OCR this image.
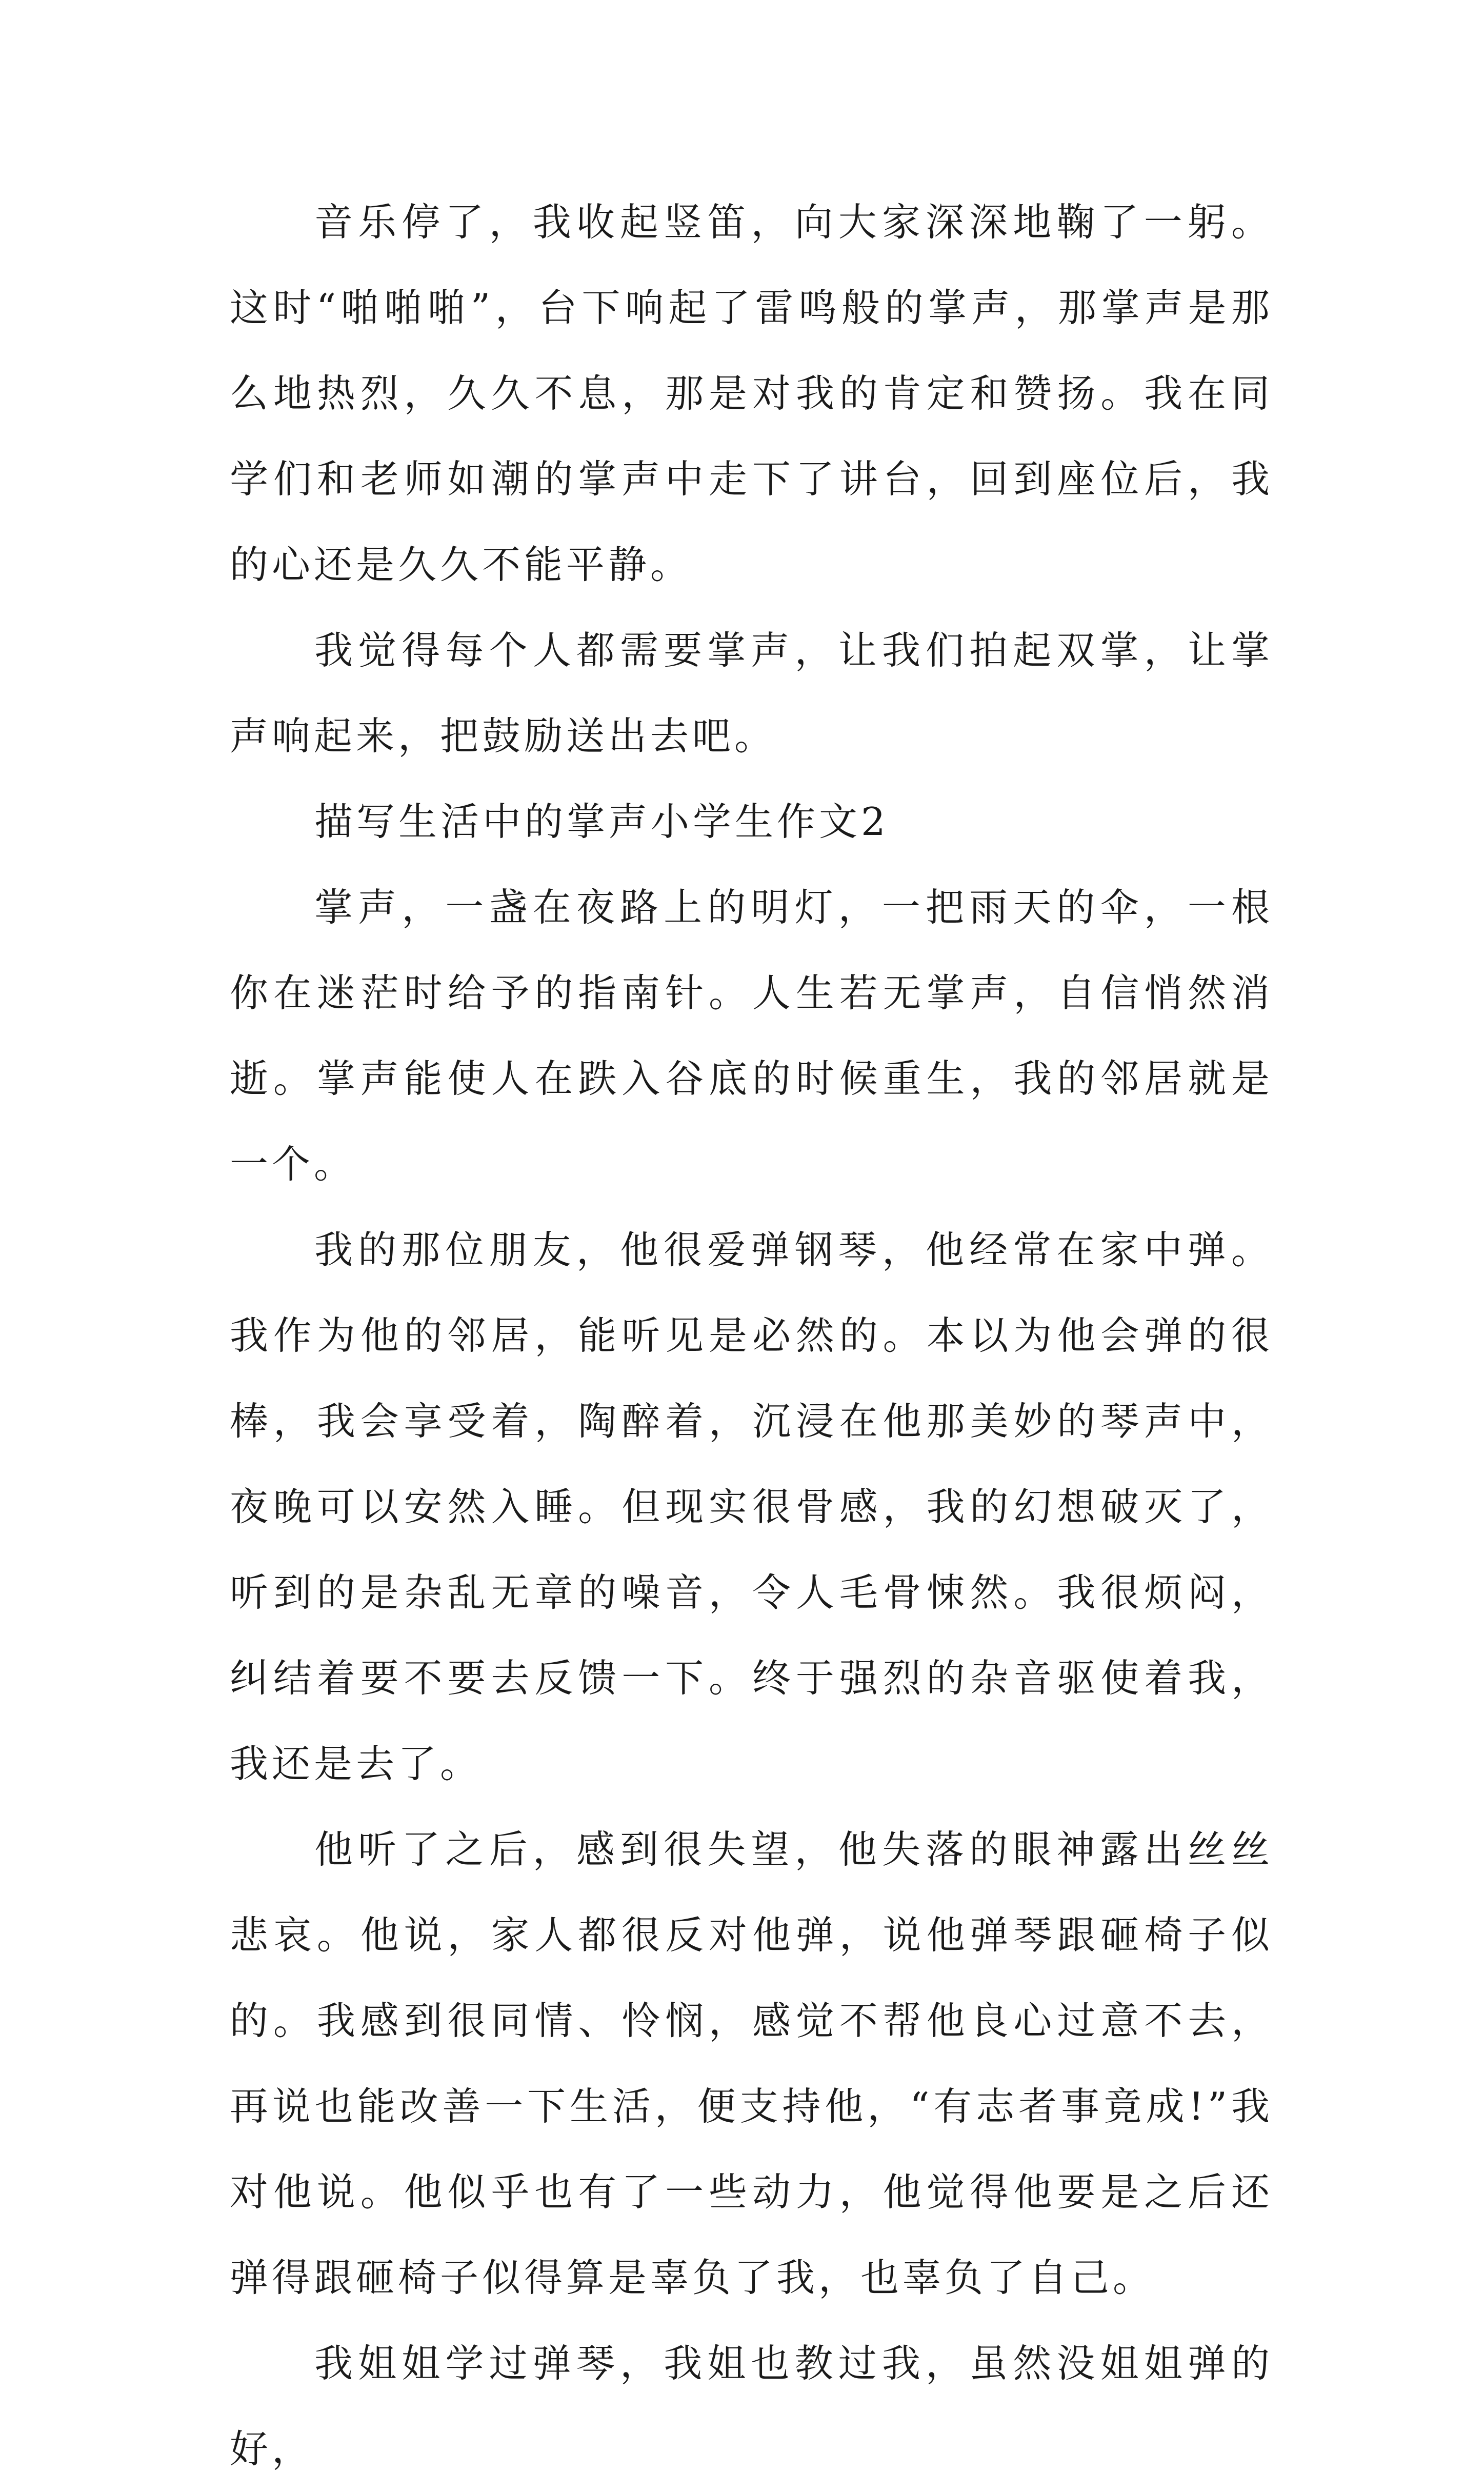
音乐停了，我收起竖笛，向大家深深地鞠了一躬。这时“啪啪啪”，台下响起了雷鸣般的掌声，那掌声是那么地热烈，久久不息，那是对我的肯定和赞扬。我在同学们和老师如潮的掌声中走下了讲台，回到座位后，我的心还是久久不能平静。

我觉得每个人都需要掌声，让我们拍起双掌，让掌声响起来，把鼓励送出去吧。

描写生活中的掌声小学生作文2

掌声，一盏在夜路上的明灯，一把雨天的伞，一根你在迷茫时给予的指南针。人生若无掌声，自信悄然消逝。掌声能使人在跌入谷底的时候重生，我的邻居就是一个。

我的那位朋友，他很爱弹钢琴，他经常在家中弹。我作为他的邻居，能听见是必然的。本以为他会弹的很棒，我会享受着，陶醉着，沉浸在他那美妙的琴声中，夜晚可以安然入睡。但现实很骨感，我的幻想破灭了，听到的是杂乱无章的噪音，令人毛骨悚然。我很烦闷，纠结着要不要去反馈一下。终于强烈的杂音驱使着我，我还是去了。

他听了之后，感到很失望，他失落的眼神露出丝丝悲哀。他说，家人都很反对他弹，说他弹琴跟砸椅子似的。我感到很同情、怜悯，感觉不帮他良心过意不去，再说也能改善一下生活，便支持他，“有志者事竟成!”我对他说。他似乎也有了一些动力，他觉得他要是之后还弹得跟砸椅子似得算是辜负了我，也辜负了自己。

我姐姐学过弹琴，我姐也教过我，虽然没姐姐弹的好，
